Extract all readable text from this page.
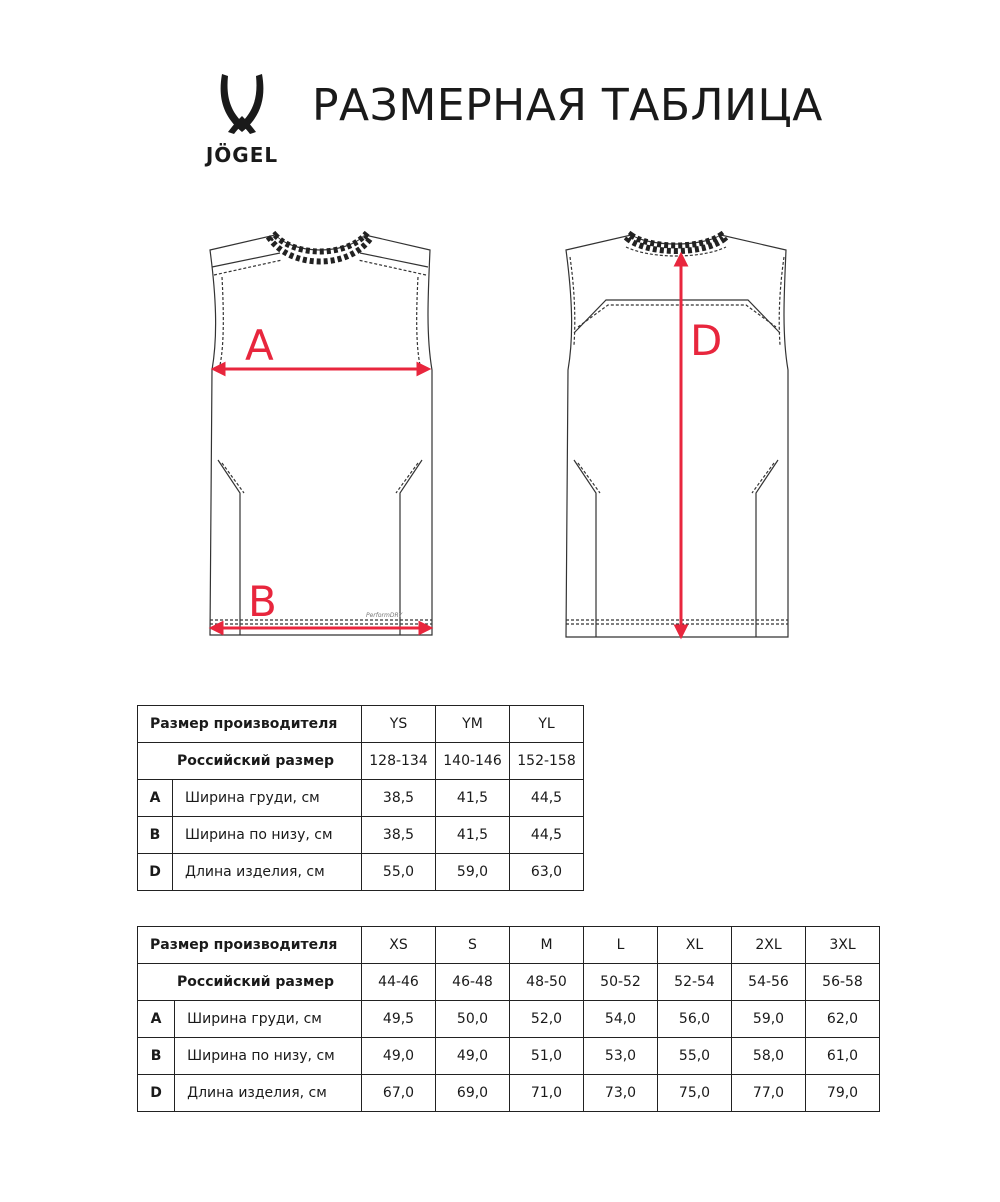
JÖGEL
РАЗМЕРНАЯ ТАБЛИЦА
A
B	PerformDRY
D
Размер производителя		YS	YM	YL
Российский размер		128-134	140-146	152-158
A	Ширина груди, см	38,5	41,5	44,5
B	Ширина по низу, см	38,5	41,5	44,5
D	Длина изделия, см	55,0	59,0	63,0
Размер производителя		XS	S	M	L	XL	2XL	3XL
Российский размер		44-46	46-48	48-50	50-52	52-54	54-56	56-58
A	Ширина груди, см	49,5	50,0	52,0	54,0	56,0	59,0	62,0
B	Ширина по низу, см	49,0	49,0	51,0	53,0	55,0	58,0	61,0
D	Длина изделия, см	67,0	69,0	71,0	73,0	75,0	77,0	79,0
